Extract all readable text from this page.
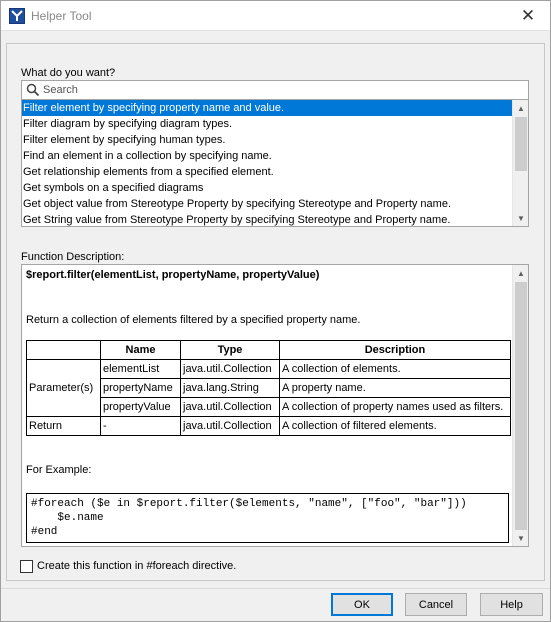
Helper Tool	✕
What do you want?
Search
Filter element by specifying property name and value.
Filter diagram by specifying diagram types.
Filter element by specifying human types.
Find an element in a collection by specifying name.
Get relationship elements from a specified element.
Get symbols on a specified diagrams
Get object value from Stereotype Property by specifying Stereotype and Property name.
Get String value from Stereotype Property by specifying Stereotype and Property name.
▲
▼
Function Description:
$report.filter(elementList, propertyName, propertyValue)
Return a collection of elements filtered by a specified property name.
	Name	Type	Description
Parameter(s)	elementList	java.util.Collection	A collection of elements.
	propertyName	java.lang.String	A property name.
	propertyValue	java.util.Collection	A collection of property names used as filters.
Return	-	java.util.Collection	A collection of filtered elements.
For Example:
#foreach ($e in $report.filter($elements, "name", ["foo", "bar"]))
$e.name
#end
▲
▼
Create this function in #foreach directive.
OK	Cancel	Help
